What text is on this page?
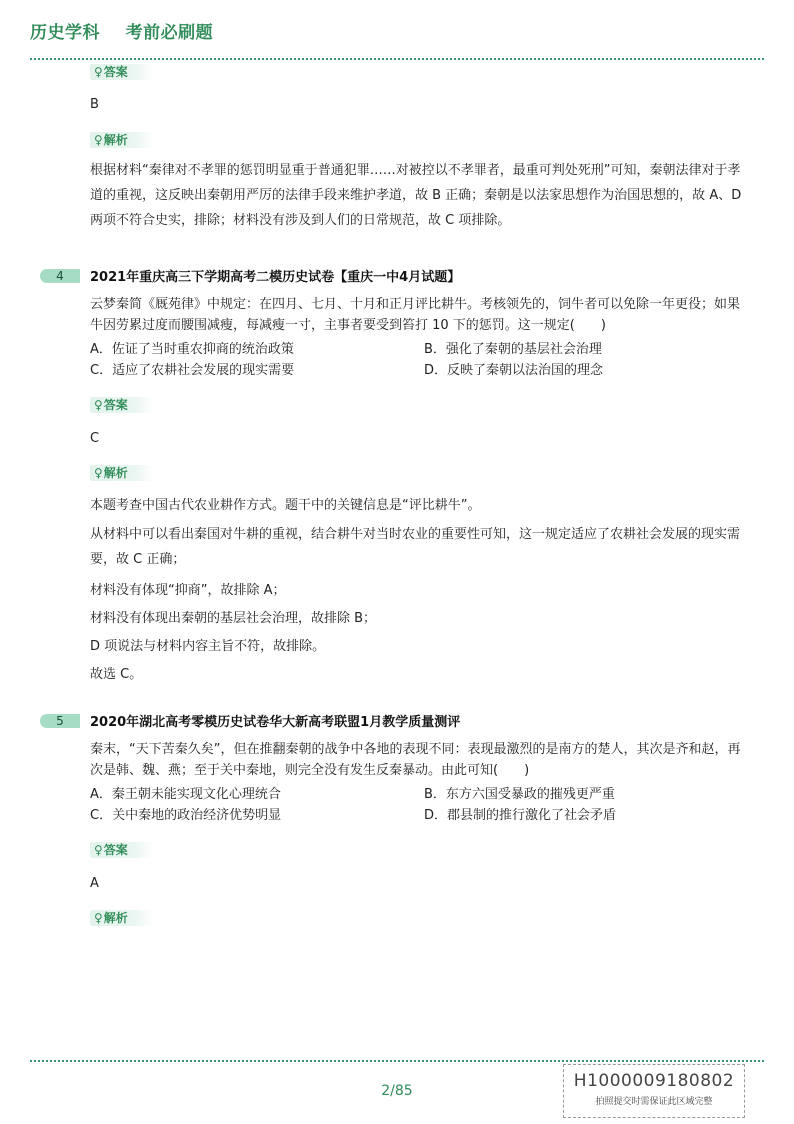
历史学科    考前必刷题
♀答案
B
♀解析
根据材料“秦律对不孝罪的惩罚明显重于普通犯罪……对被控以不孝罪者，最重可判处死刑”可知，秦朝法律对于孝道的重视，这反映出秦朝用严厉的法律手段来维护孝道，故 B 正确；秦朝是以法家思想作为治国思想的，故 A、D 两项不符合史实，排除；材料没有涉及到人们的日常规范，故 C 项排除。
4	2021年重庆高三下学期高考二模历史试卷【重庆一中4月试题】
云梦秦简《厩苑律》中规定：在四月、七月、十月和正月评比耕牛。考核领先的，饲牛者可以免除一年更役；如果牛因劳累过度而腰围减瘦，每减瘦一寸，主事者要受到笞打 10 下的惩罚。这一规定(　　)
A．佐证了当时重农抑商的统治政策	B．强化了秦朝的基层社会治理
C．适应了农耕社会发展的现实需要	D．反映了秦朝以法治国的理念
♀答案
C
♀解析
本题考查中国古代农业耕作方式。题干中的关键信息是“评比耕牛”。
从材料中可以看出秦国对牛耕的重视，结合耕牛对当时农业的重要性可知，这一规定适应了农耕社会发展的现实需要，故 C 正确；
材料没有体现“抑商”，故排除 A；
材料没有体现出秦朝的基层社会治理，故排除 B；
D 项说法与材料内容主旨不符，故排除。
故选 C。
5	2020年湖北高考零模历史试卷华大新高考联盟1月教学质量测评
秦末，“天下苦秦久矣”，但在推翻秦朝的战争中各地的表现不同：表现最激烈的是南方的楚人，其次是齐和赵，再次是韩、魏、燕；至于关中秦地，则完全没有发生反秦暴动。由此可知(　　)
A．秦王朝未能实现文化心理统合	B．东方六国受暴政的摧残更严重
C．关中秦地的政治经济优势明显	D．郡县制的推行激化了社会矛盾
♀答案
A
♀解析
2/85	H1000009180802
拍照提交时需保证此区域完整
